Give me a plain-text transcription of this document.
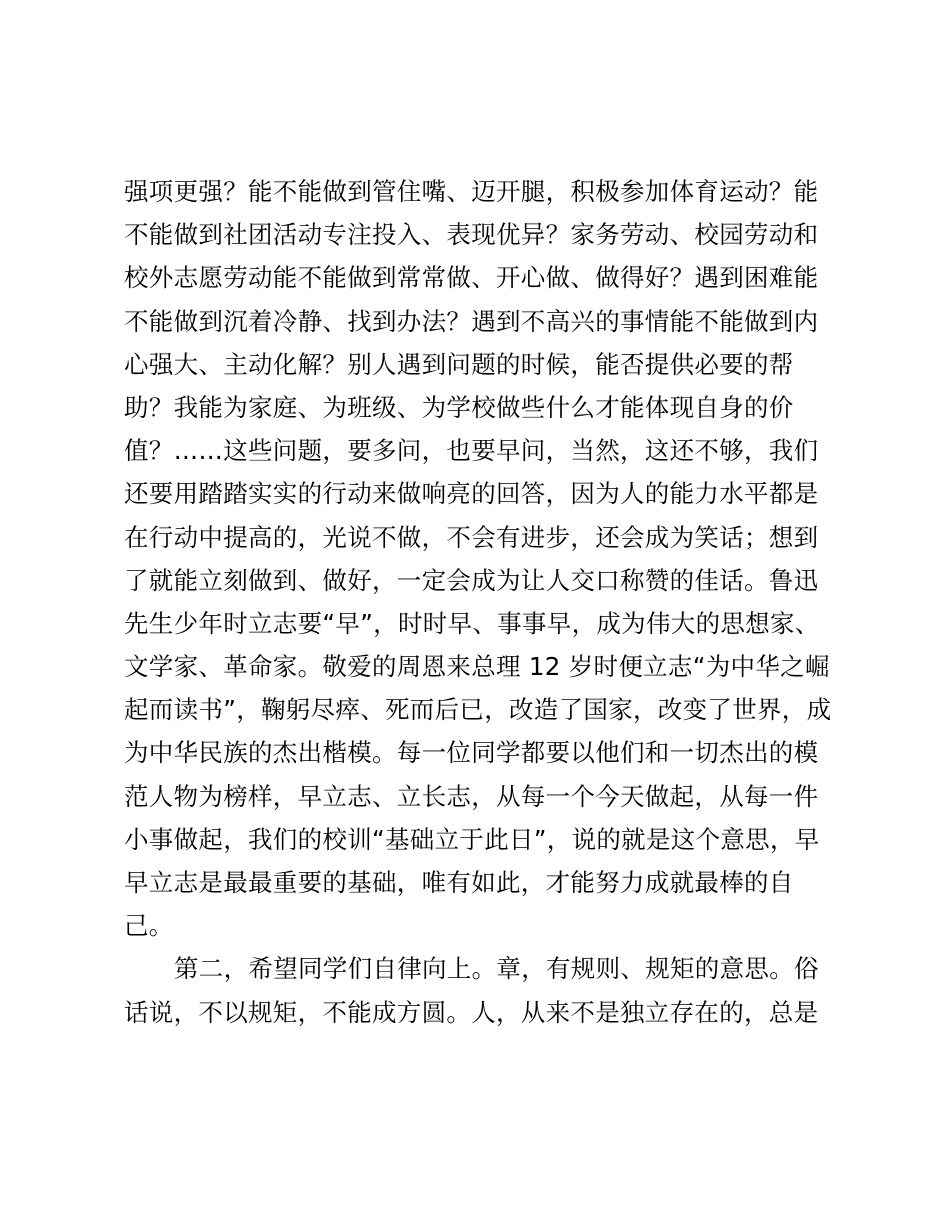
强项更强？能不能做到管住嘴、迈开腿，积极参加体育运动？能
不能做到社团活动专注投入、表现优异？家务劳动、校园劳动和
校外志愿劳动能不能做到常常做、开心做、做得好？遇到困难能
不能做到沉着冷静、找到办法？遇到不高兴的事情能不能做到内
心强大、主动化解？别人遇到问题的时候，能否提供必要的帮
助？我能为家庭、为班级、为学校做些什么才能体现自身的价
值？……这些问题，要多问，也要早问，当然，这还不够，我们
还要用踏踏实实的行动来做响亮的回答，因为人的能力水平都是
在行动中提高的，光说不做，不会有进步，还会成为笑话；想到
了就能立刻做到、做好，一定会成为让人交口称赞的佳话。鲁迅
先生少年时立志要“早”，时时早、事事早，成为伟大的思想家、
文学家、革命家。敬爱的周恩来总理 12 岁时便立志“为中华之崛
起而读书”，鞠躬尽瘁、死而后已，改造了国家，改变了世界，成
为中华民族的杰出楷模。每一位同学都要以他们和一切杰出的模
范人物为榜样，早立志、立长志，从每一个今天做起，从每一件
小事做起，我们的校训“基础立于此日”，说的就是这个意思，早
早立志是最最重要的基础，唯有如此，才能努力成就最棒的自
己。
第二，希望同学们自律向上。章，有规则、规矩的意思。俗
话说，不以规矩，不能成方圆。人，从来不是独立存在的，总是
